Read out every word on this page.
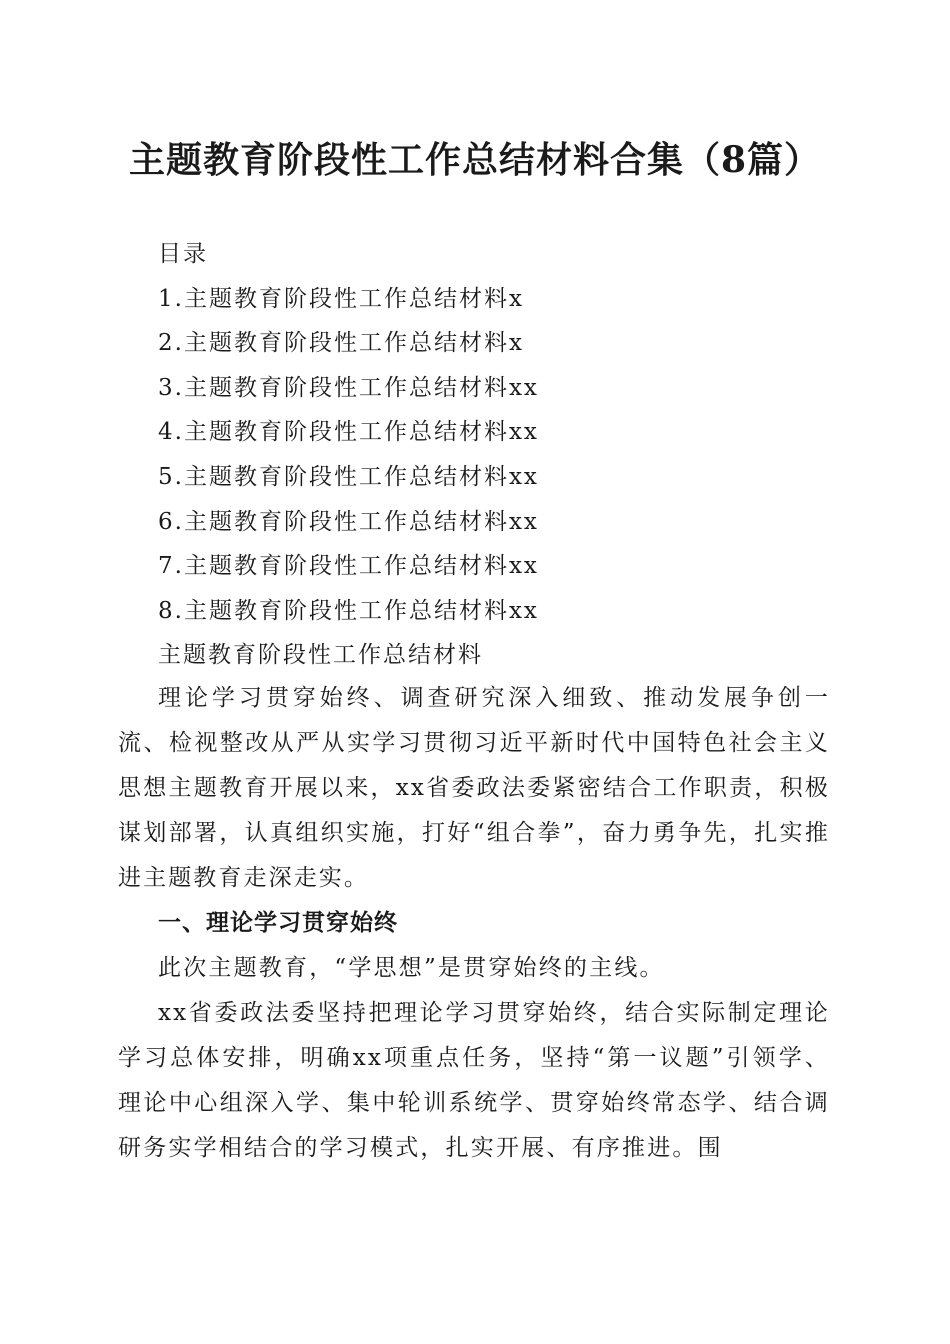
主题教育阶段性工作总结材料合集（8篇）
目录
1.主题教育阶段性工作总结材料x
2.主题教育阶段性工作总结材料x
3.主题教育阶段性工作总结材料xx
4.主题教育阶段性工作总结材料xx
5.主题教育阶段性工作总结材料xx
6.主题教育阶段性工作总结材料xx
7.主题教育阶段性工作总结材料xx
8.主题教育阶段性工作总结材料xx
主题教育阶段性工作总结材料

理论学习贯穿始终、调查研究深入细致、推动发展争创一流、检视整改从严从实学习贯彻习近平新时代中国特色社会主义思想主题教育开展以来，xx省委政法委紧密结合工作职责，积极谋划部署，认真组织实施，打好“组合拳”，奋力勇争先，扎实推进主题教育走深走实。

一、理论学习贯穿始终

此次主题教育，“学思想”是贯穿始终的主线。

xx省委政法委坚持把理论学习贯穿始终，结合实际制定理论学习总体安排，明确xx项重点任务，坚持“第一议题”引领学、理论中心组深入学、集中轮训系统学、贯穿始终常态学、结合调研务实学相结合的学习模式，扎实开展、有序推进。围
